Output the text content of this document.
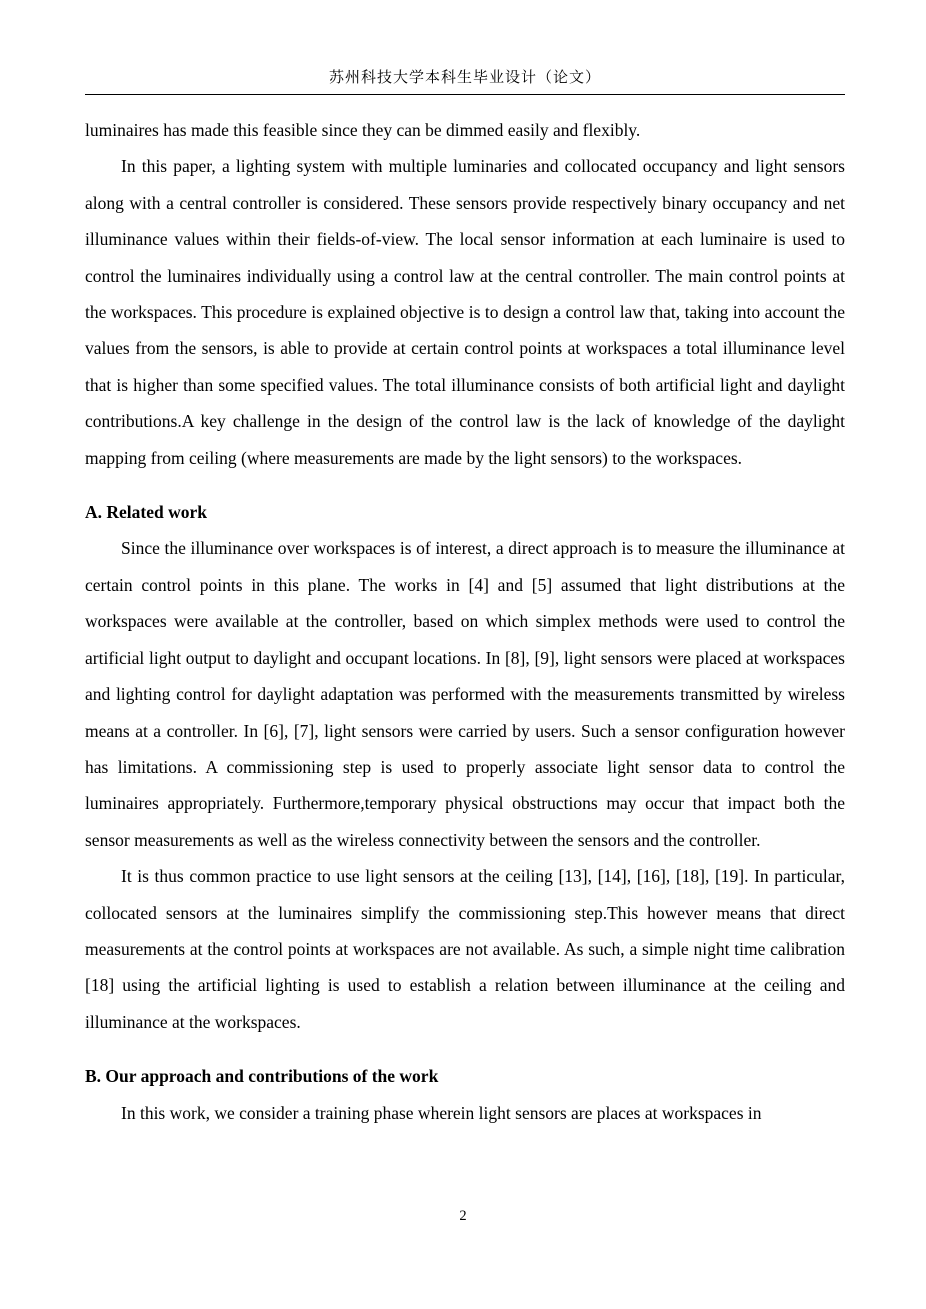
苏州科技大学本科生毕业设计（论文）

luminaires has made this feasible since they can be dimmed easily and flexibly.

In this paper, a lighting system with multiple luminaries and collocated occupancy and light sensors along with a central controller is considered. These sensors provide respectively binary occupancy and net illuminance values within their fields-of-view. The local sensor information at each luminaire is used to control the luminaires individually using a control law at the central controller. The main control points at the workspaces. This procedure is explained objective is to design a control law that, taking into account the values from the sensors, is able to provide at certain control points at workspaces a total illuminance level that is higher than some specified values. The total illuminance consists of both artificial light and daylight contributions.A key challenge in the design of the control law is the lack of knowledge of the daylight mapping from ceiling (where measurements are made by the light sensors) to the workspaces.

A. Related work

Since the illuminance over workspaces is of interest, a direct approach is to measure the illuminance at certain control points in this plane. The works in [4] and [5] assumed that light distributions at the workspaces were available at the controller, based on which simplex methods were used to control the artificial light output to daylight and occupant locations. In [8], [9], light sensors were placed at workspaces and lighting control for daylight adaptation was performed with the measurements transmitted by wireless means at a controller. In [6], [7], light sensors were carried by users. Such a sensor configuration however has limitations. A commissioning step is used to properly associate light sensor data to control the luminaires appropriately. Furthermore,temporary physical obstructions may occur that impact both the sensor measurements as well as the wireless connectivity between the sensors and the controller.

It is thus common practice to use light sensors at the ceiling [13], [14], [16], [18], [19]. In particular, collocated sensors at the luminaires simplify the commissioning step.This however means that direct measurements at the control points at workspaces are not available. As such, a simple night time calibration [18] using the artificial lighting is used to establish a relation between illuminance at the ceiling and illuminance at the workspaces.

B. Our approach and contributions of the work

In this work, we consider a training phase wherein light sensors are places at workspaces in

2
